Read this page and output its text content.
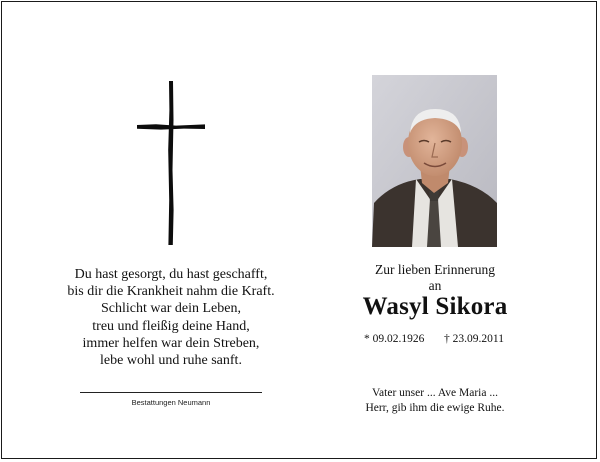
Du hast gesorgt, du hast geschafft,
bis dir die Krankheit nahm die Kraft.
Schlicht war dein Leben,
treu und fleißig deine Hand,
immer helfen war dein Streben,
lebe wohl und ruhe sanft.
Bestattungen Neumann
Zur lieben Erinnerung
an
Wasyl Sikora
* 09.02.1926 † 23.09.2011
Vater unser ... Ave Maria ...
Herr, gib ihm die ewige Ruhe.
